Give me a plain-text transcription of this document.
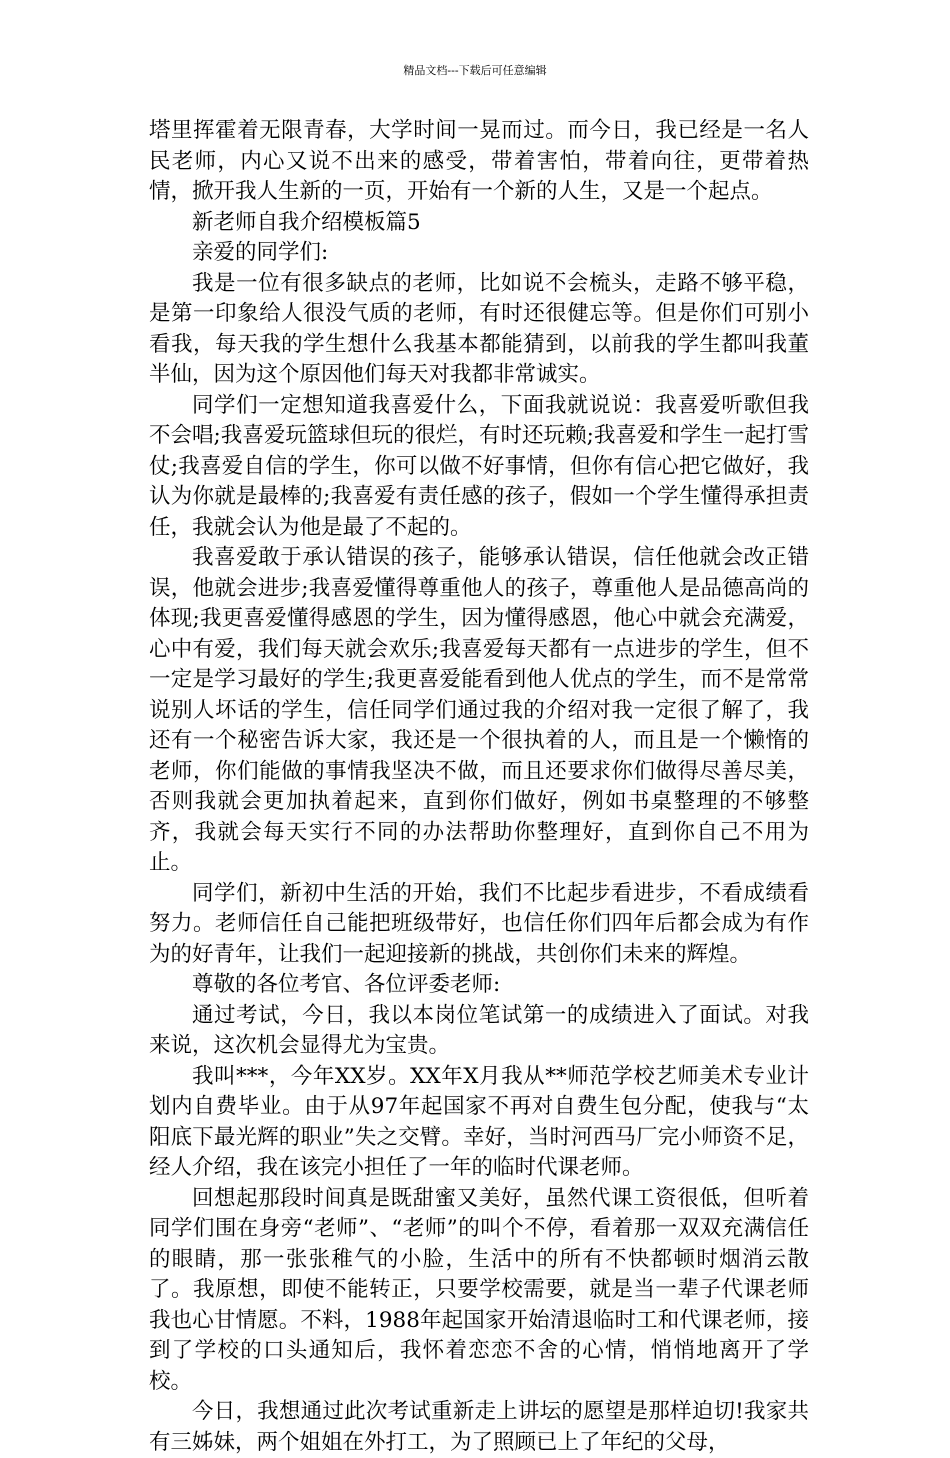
精品文档---下载后可任意编辑

塔里挥霍着无限青春，大学时间一晃而过。而今日，我已经是一名人民老师，内心又说不出来的感受，带着害怕，带着向往，更带着热情，掀开我人生新的一页，开始有一个新的人生，又是一个起点。

新老师自我介绍模板篇5

亲爱的同学们:

我是一位有很多缺点的老师，比如说不会梳头，走路不够平稳，是第一印象给人很没气质的老师，有时还很健忘等。但是你们可别小看我，每天我的学生想什么我基本都能猜到，以前我的学生都叫我董半仙，因为这个原因他们每天对我都非常诚实。

同学们一定想知道我喜爱什么，下面我就说说：我喜爱听歌但我不会唱;我喜爱玩篮球但玩的很烂，有时还玩赖;我喜爱和学生一起打雪仗;我喜爱自信的学生，你可以做不好事情，但你有信心把它做好，我认为你就是最棒的;我喜爱有责任感的孩子，假如一个学生懂得承担责任，我就会认为他是最了不起的。

我喜爱敢于承认错误的孩子，能够承认错误，信任他就会改正错误，他就会进步;我喜爱懂得尊重他人的孩子，尊重他人是品德高尚的体现;我更喜爱懂得感恩的学生，因为懂得感恩，他心中就会充满爱，心中有爱，我们每天就会欢乐;我喜爱每天都有一点进步的学生，但不一定是学习最好的学生;我更喜爱能看到他人优点的学生，而不是常常说别人坏话的学生，信任同学们通过我的介绍对我一定很了解了，我还有一个秘密告诉大家，我还是一个很执着的人，而且是一个懒惰的老师，你们能做的事情我坚决不做，而且还要求你们做得尽善尽美，否则我就会更加执着起来，直到你们做好，例如书桌整理的不够整齐，我就会每天实行不同的办法帮助你整理好，直到你自己不用为止。

同学们，新初中生活的开始，我们不比起步看进步，不看成绩看努力。老师信任自己能把班级带好，也信任你们四年后都会成为有作为的好青年，让我们一起迎接新的挑战，共创你们未来的辉煌。

尊敬的各位考官、各位评委老师:

通过考试，今日，我以本岗位笔试第一的成绩进入了面试。对我来说，这次机会显得尤为宝贵。

我叫***，今年XX岁。XX年X月我从**师范学校艺师美术专业计划内自费毕业。由于从97年起国家不再对自费生包分配，使我与“太阳底下最光辉的职业”失之交臂。幸好，当时河西马厂完小师资不足，经人介绍，我在该完小担任了一年的临时代课老师。

回想起那段时间真是既甜蜜又美好，虽然代课工资很低，但听着同学们围在身旁“老师”、“老师”的叫个不停，看着那一双双充满信任的眼睛，那一张张稚气的小脸，生活中的所有不快都顿时烟消云散了。我原想，即使不能转正，只要学校需要，就是当一辈子代课老师我也心甘情愿。不料，1988年起国家开始清退临时工和代课老师，接到了学校的口头通知后，我怀着恋恋不舍的心情，悄悄地离开了学校。

今日，我想通过此次考试重新走上讲坛的愿望是那样迫切!我家共有三姊妹，两个姐姐在外打工，为了照顾已上了年纪的父母，
